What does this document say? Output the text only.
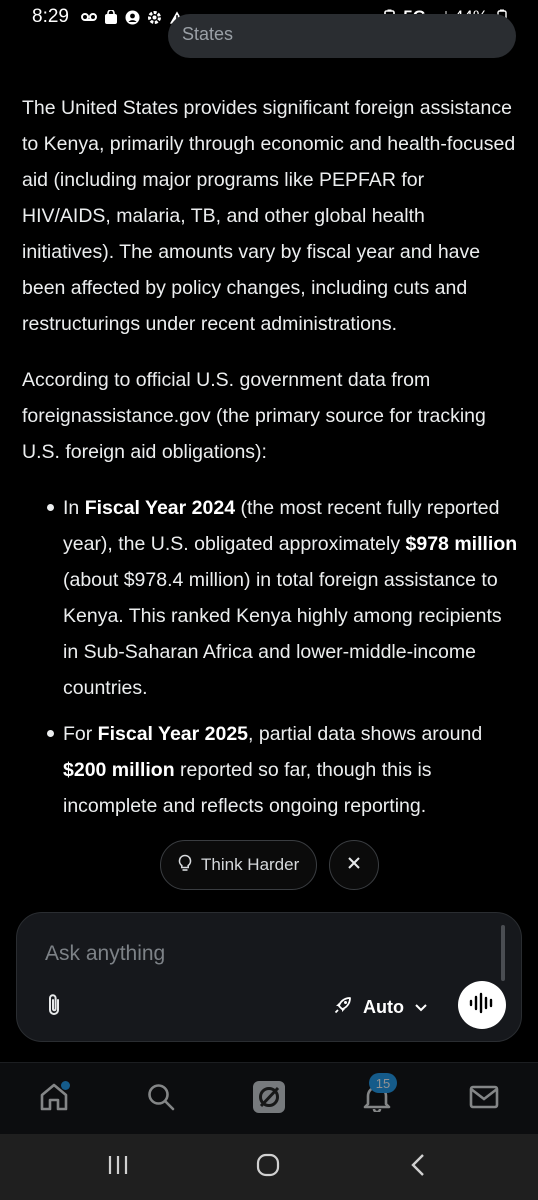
8:29
States

The United States provides significant foreign assistance to Kenya, primarily through economic and health-focused aid (including major programs like PEPFAR for HIV/AIDS, malaria, TB, and other global health initiatives). The amounts vary by fiscal year and have been affected by policy changes, including cuts and restructurings under recent administrations.

According to official U.S. government data from foreignassistance.gov (the primary source for tracking U.S. foreign aid obligations):

In Fiscal Year 2024 (the most recent fully reported year), the U.S. obligated approximately $978 million (about $978.4 million) in total foreign assistance to Kenya. This ranked Kenya highly among recipients in Sub-Saharan Africa and lower-middle-income countries.
For Fiscal Year 2025, partial data shows around $200 million reported so far, though this is incomplete and reflects ongoing reporting.
Think Harder
Ask anything
Auto
15
